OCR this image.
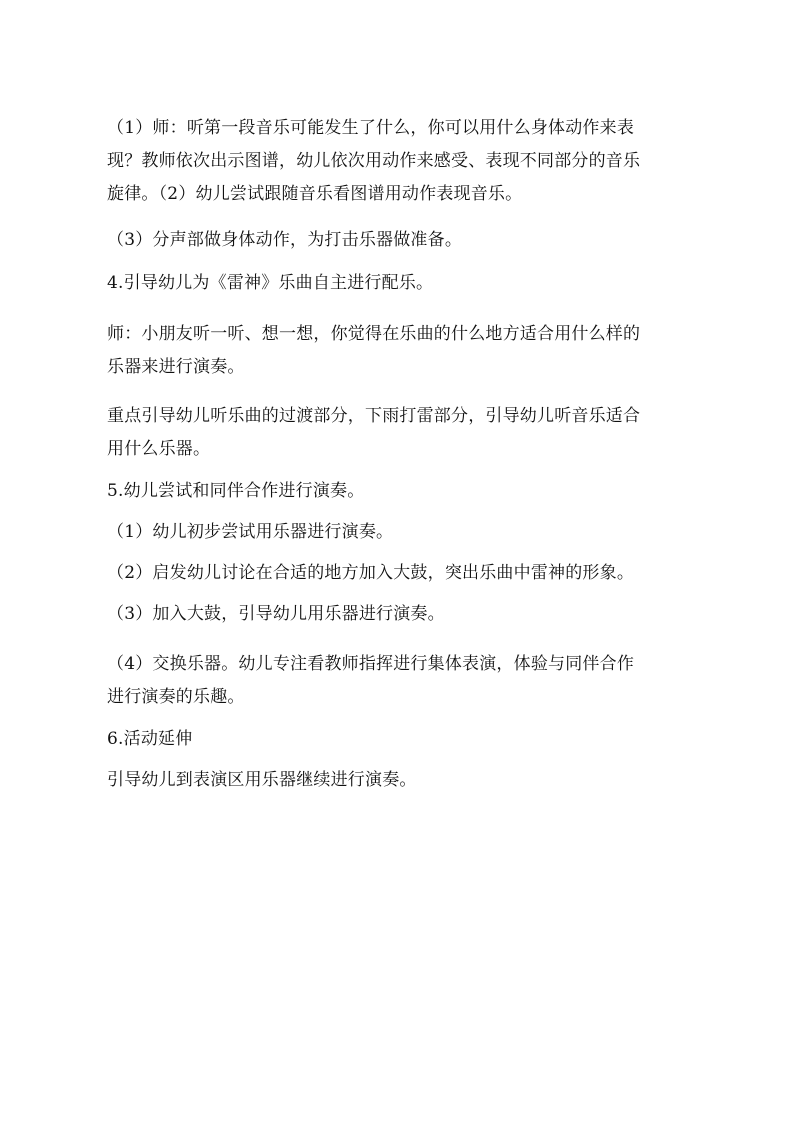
（1）师：听第一段音乐可能发生了什么，你可以用什么身体动作来表
现？教师依次出示图谱，幼儿依次用动作来感受、表现不同部分的音乐
旋律。（2）幼儿尝试跟随音乐看图谱用动作表现音乐。
（3）分声部做身体动作，为打击乐器做准备。
4.引导幼儿为《雷神》乐曲自主进行配乐。
师：小朋友听一听、想一想，你觉得在乐曲的什么地方适合用什么样的
乐器来进行演奏。
重点引导幼儿听乐曲的过渡部分，下雨打雷部分，引导幼儿听音乐适合
用什么乐器。
5.幼儿尝试和同伴合作进行演奏。
（1）幼儿初步尝试用乐器进行演奏。
（2）启发幼儿讨论在合适的地方加入大鼓，突出乐曲中雷神的形象。
（3）加入大鼓，引导幼儿用乐器进行演奏。
（4）交换乐器。幼儿专注看教师指挥进行集体表演，体验与同伴合作
进行演奏的乐趣。
6.活动延伸
引导幼儿到表演区用乐器继续进行演奏。
